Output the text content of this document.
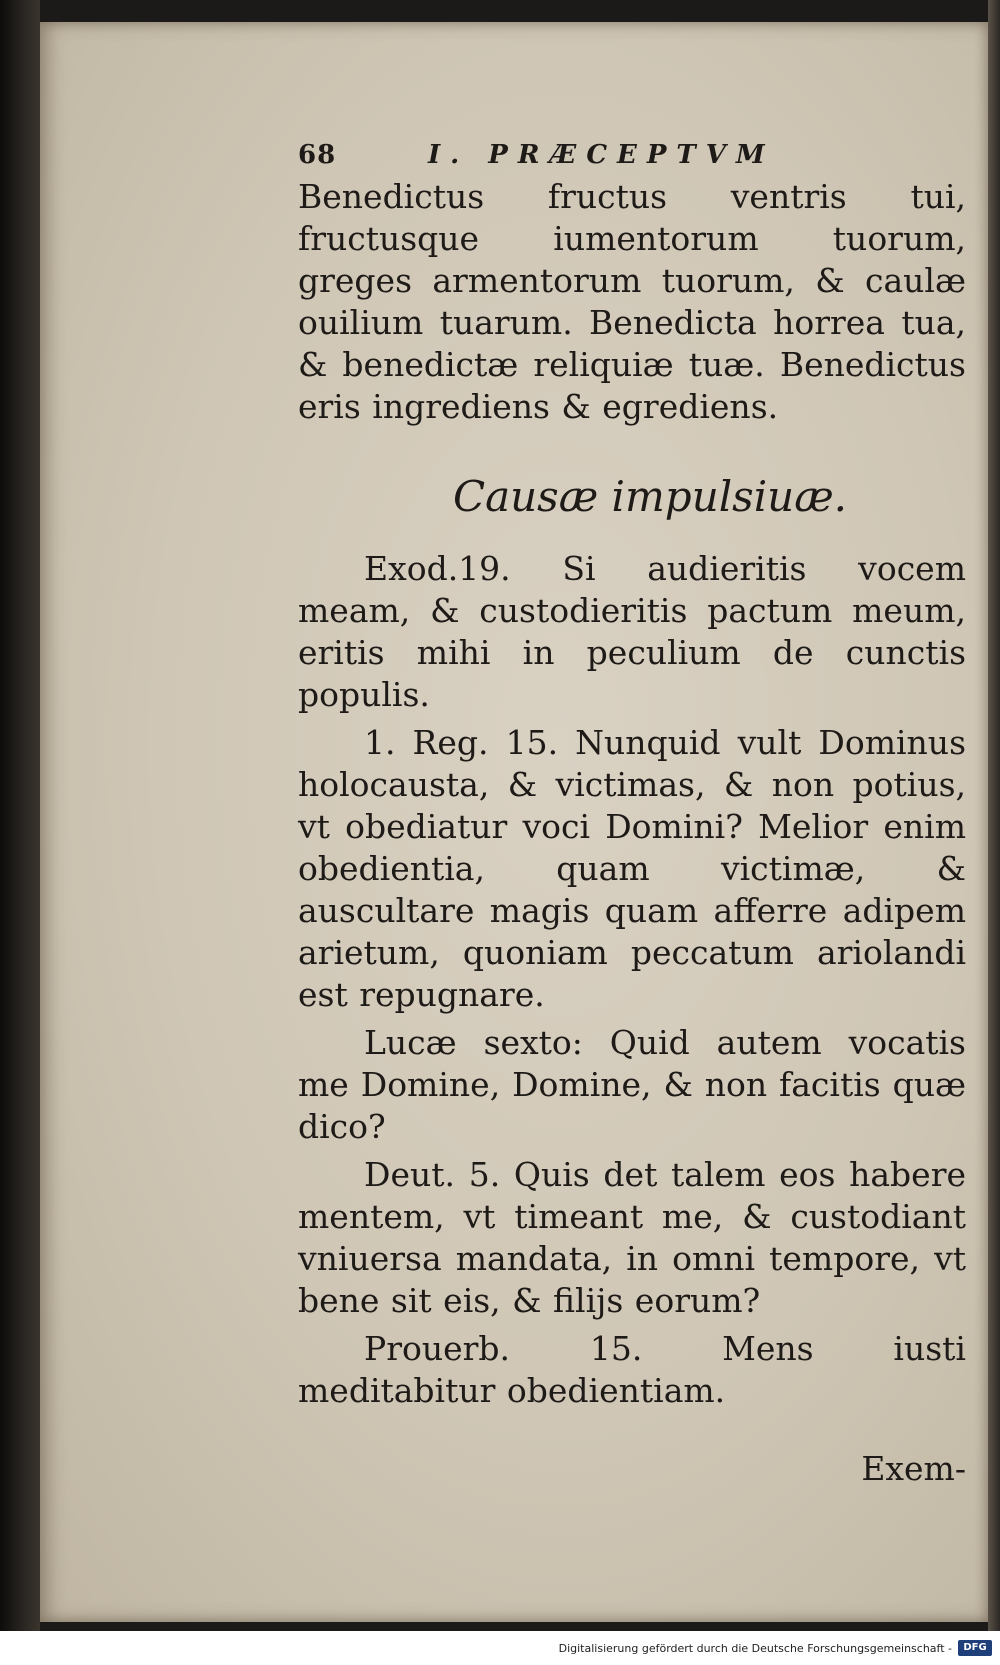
68	I. PRÆCEPTVM

Benedictus fructus ventris tui, fructusque iumentorum tuorum, greges armentorum tuorum, & caulæ ouilium tuarum. Benedicta horrea tua, & benedictæ reliquiæ tuæ. Benedictus eris ingrediens & egrediens.

Causæ impulsiuæ.

Exod.19. Si audieritis vocem meam, & custodieritis pactum meum, eritis mihi in peculium de cunctis populis.

1. Reg. 15. Nunquid vult Dominus holocausta, & victimas, & non potius, vt obediatur voci Domini? Melior enim obedientia, quam victimæ, & auscultare magis quam afferre adipem arietum, quoniam peccatum ariolandi est repugnare.

Lucæ sexto: Quid autem vocatis me Domine, Domine, & non facitis quæ dico?

Deut. 5. Quis det talem eos habere mentem, vt timeant me, & custodiant vniuersa mandata, in omni tempore, vt bene sit eis, & filijs eorum?

Prouerb. 15. Mens iusti meditabitur obedientiam.

Exem-
Digitalisierung gefördert durch die Deutsche Forschungsgemeinschaft -	DFG
